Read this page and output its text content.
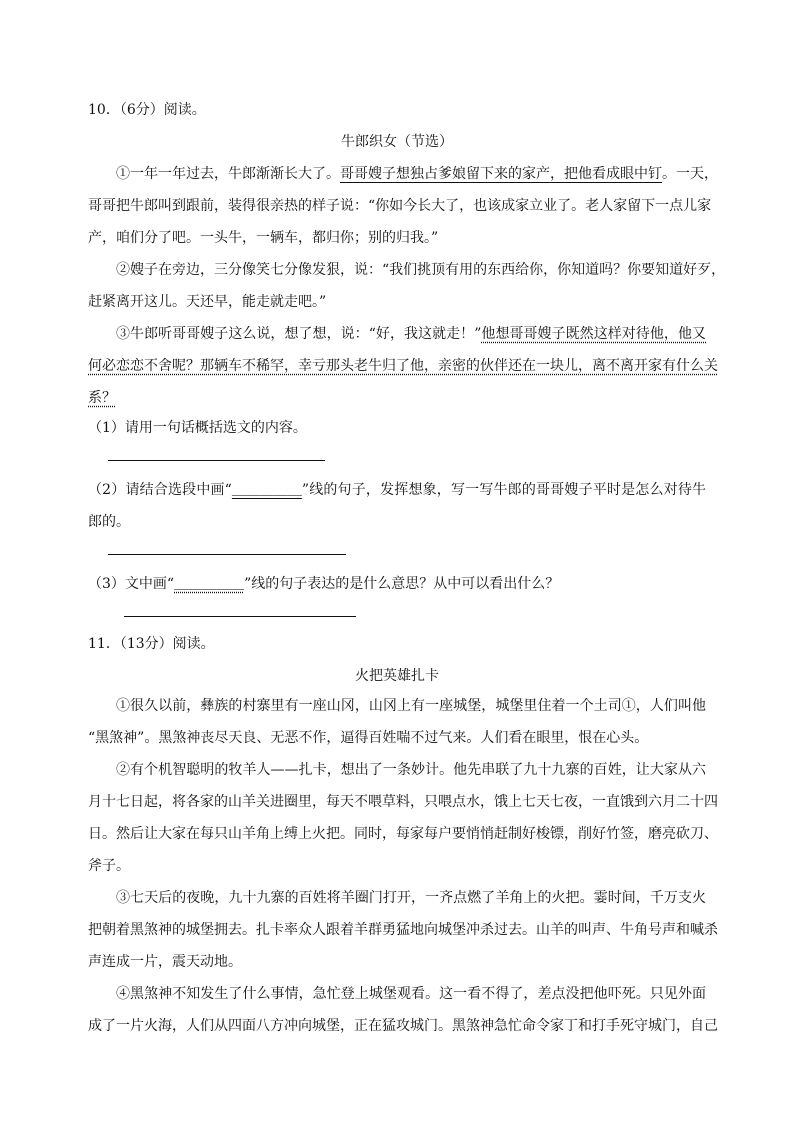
10．（6分）阅读。
牛郎织女（节选）
①一年一年过去，牛郎渐渐长大了。哥哥嫂子想独占爹娘留下来的家产，把他看成眼中钉。一天，
哥哥把牛郎叫到跟前，装得很亲热的样子说：“你如今长大了，也该成家立业了。老人家留下一点儿家
产，咱们分了吧。一头牛，一辆车，都归你；别的归我。”
②嫂子在旁边，三分像笑七分像发狠，说：“我们挑顶有用的东西给你，你知道吗？你要知道好歹，
赶紧离开这儿。天还早，能走就走吧。”
③牛郎听哥哥嫂子这么说，想了想，说：“好，我这就走！”他想哥哥嫂子既然这样对待他，他又
何必恋恋不舍呢？那辆车不稀罕，幸亏那头老牛归了他，亲密的伙伴还在一块儿，离不离开家有什么关
系？
（1）请用一句话概括选文的内容。
（2）请结合选段中画“＿＿＿＿＿”线的句子，发挥想象，写一写牛郎的哥哥嫂子平时是怎么对待牛
郎的。
（3）文中画“＿＿＿＿＿”线的句子表达的是什么意思？从中可以看出什么？
11．（13分）阅读。
火把英雄扎卡
①很久以前，彝族的村寨里有一座山冈，山冈上有一座城堡，城堡里住着一个土司①，人们叫他
“黑煞神”。黑煞神丧尽天良、无恶不作，逼得百姓喘不过气来。人们看在眼里，恨在心头。
②有个机智聪明的牧羊人——扎卡，想出了一条妙计。他先串联了九十九寨的百姓，让大家从六
月十七日起，将各家的山羊关进圈里，每天不喂草料，只喂点水，饿上七天七夜，一直饿到六月二十四
日。然后让大家在每只山羊角上缚上火把。同时，每家每户要悄悄赶制好梭镖，削好竹签，磨亮砍刀、
斧子。
③七天后的夜晚，九十九寨的百姓将羊圈门打开，一齐点燃了羊角上的火把。霎时间，千万支火
把朝着黑煞神的城堡拥去。扎卡率众人跟着羊群勇猛地向城堡冲杀过去。山羊的叫声、牛角号声和喊杀
声连成一片，震天动地。
④黑煞神不知发生了什么事情，急忙登上城堡观看。这一看不得了，差点没把他吓死。只见外面
成了一片火海，人们从四面八方冲向城堡，正在猛攻城门。黑煞神急忙命令家丁和打手死守城门，自己
